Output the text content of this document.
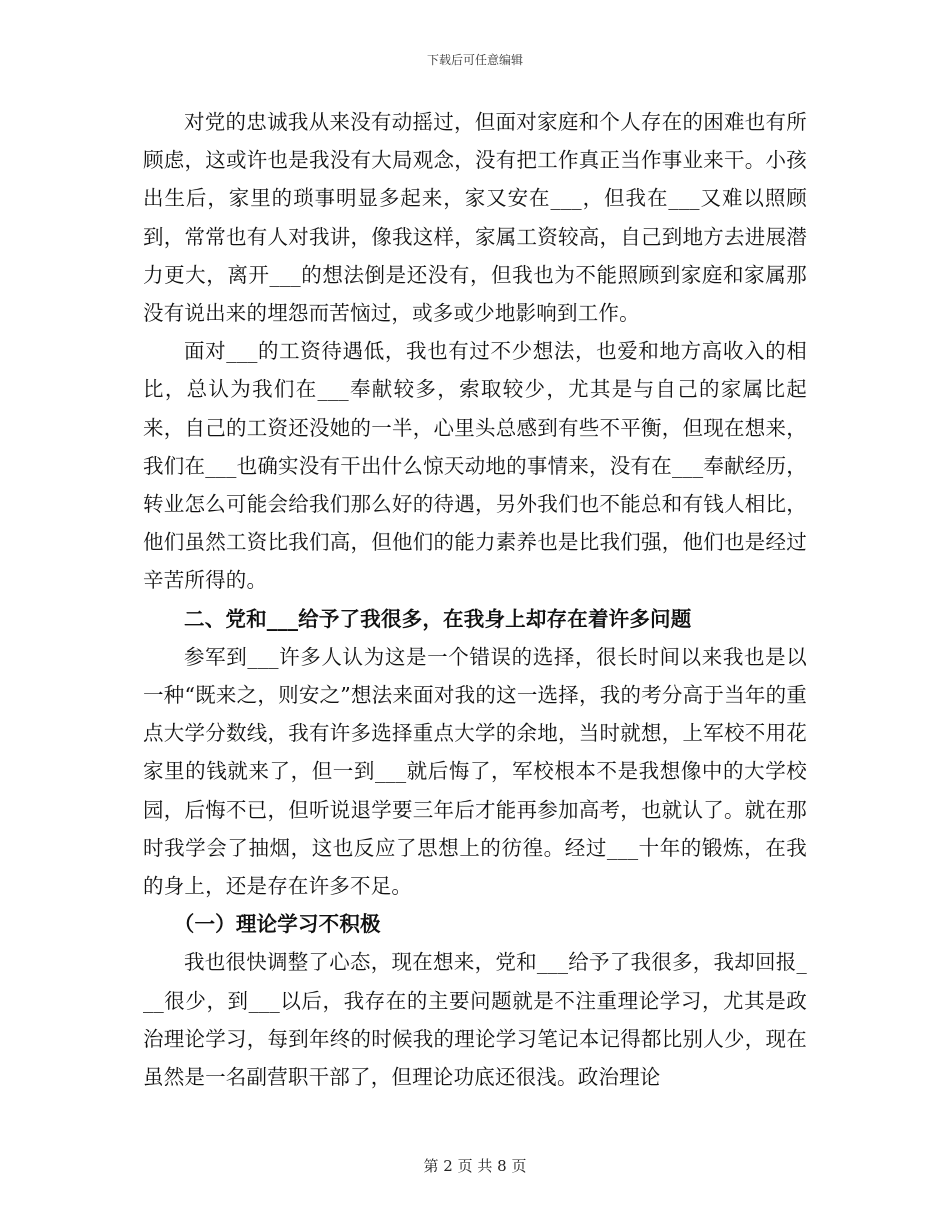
下载后可任意编辑

对党的忠诚我从来没有动摇过，但面对家庭和个人存在的困难也有所顾虑，这或许也是我没有大局观念，没有把工作真正当作事业来干。小孩出生后，家里的琐事明显多起来，家又安在___，但我在___又难以照顾到，常常也有人对我讲，像我这样，家属工资较高，自己到地方去进展潜力更大，离开___的想法倒是还没有，但我也为不能照顾到家庭和家属那没有说出来的埋怨而苦恼过，或多或少地影响到工作。

面对___的工资待遇低，我也有过不少想法，也爱和地方高收入的相比，总认为我们在___奉献较多，索取较少，尤其是与自己的家属比起来，自己的工资还没她的一半，心里头总感到有些不平衡，但现在想来，我们在___也确实没有干出什么惊天动地的事情来，没有在___奉献经历，转业怎么可能会给我们那么好的待遇，另外我们也不能总和有钱人相比，他们虽然工资比我们高，但他们的能力素养也是比我们强，他们也是经过辛苦所得的。

二、党和___给予了我很多，在我身上却存在着许多问题

参军到___许多人认为这是一个错误的选择，很长时间以来我也是以一种“既来之，则安之”想法来面对我的这一选择，我的考分高于当年的重点大学分数线，我有许多选择重点大学的余地，当时就想，上军校不用花家里的钱就来了，但一到___就后悔了，军校根本不是我想像中的大学校园，后悔不已，但听说退学要三年后才能再参加高考，也就认了。就在那时我学会了抽烟，这也反应了思想上的彷徨。经过___十年的锻炼，在我的身上，还是存在许多不足。

（一）理论学习不积极

我也很快调整了心态，现在想来，党和___给予了我很多，我却回报___很少，到___以后，我存在的主要问题就是不注重理论学习，尤其是政治理论学习，每到年终的时候我的理论学习笔记本记得都比别人少，现在虽然是一名副营职干部了，但理论功底还很浅。政治理论

第 2 页 共 8 页
